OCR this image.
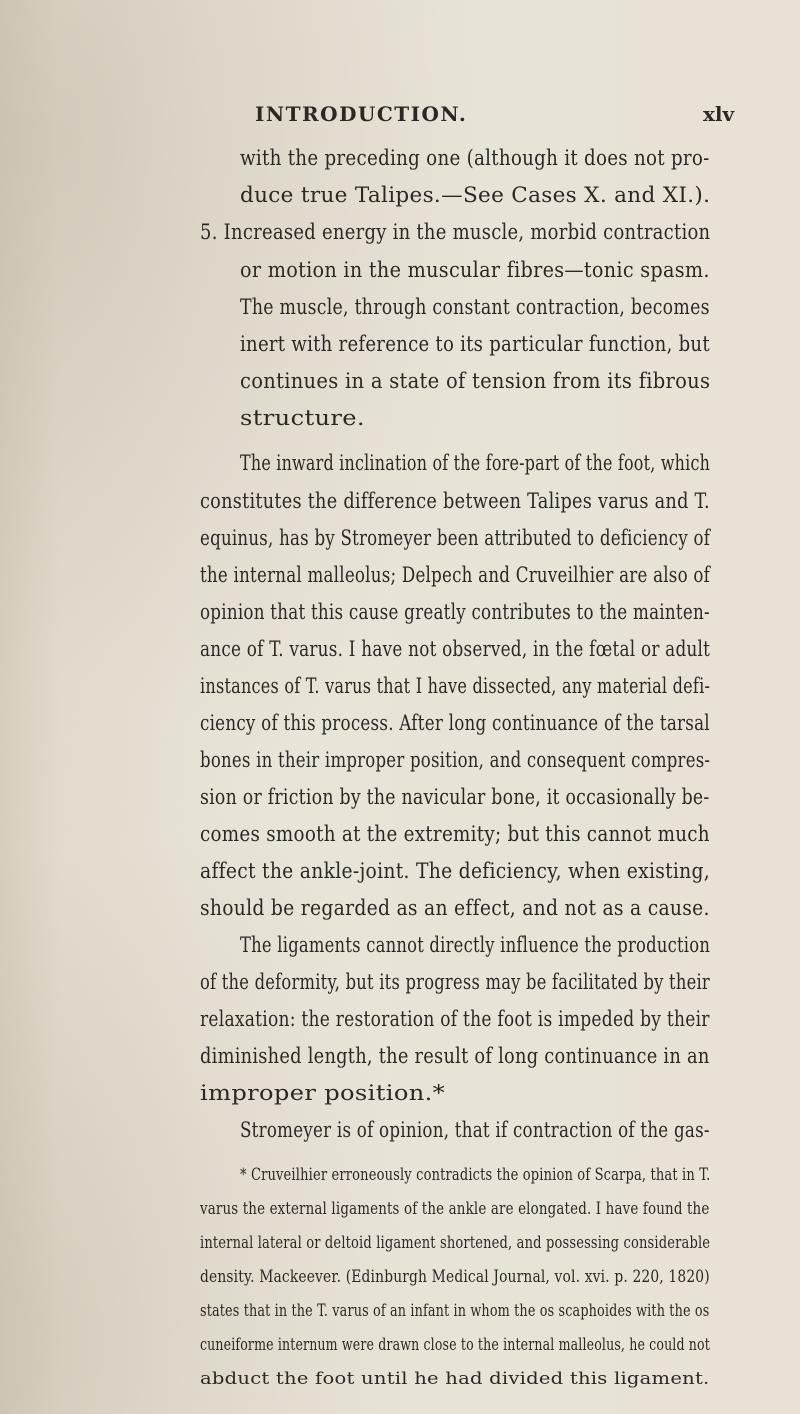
INTRODUCTION.	xlv
with the preceding one (although it does not pro-
duce true Talipes.—See Cases X. and XI.).
5. Increased energy in the muscle, morbid contraction
or motion in the muscular fibres—tonic spasm.
The muscle, through constant contraction, becomes
inert with reference to its particular function, but
continues in a state of tension from its fibrous
structure.
The inward inclination of the fore-part of the foot, which
constitutes the difference between Talipes varus and T.
equinus, has by Stromeyer been attributed to deficiency of
the internal malleolus; Delpech and Cruveilhier are also of
opinion that this cause greatly contributes to the mainten-
ance of T. varus. I have not observed, in the fœtal or adult
instances of T. varus that I have dissected, any material defi-
ciency of this process. After long continuance of the tarsal
bones in their improper position, and consequent compres-
sion or friction by the navicular bone, it occasionally be-
comes smooth at the extremity; but this cannot much
affect the ankle-joint. The deficiency, when existing,
should be regarded as an effect, and not as a cause.
The ligaments cannot directly influence the production
of the deformity, but its progress may be facilitated by their
relaxation: the restoration of the foot is impeded by their
diminished length, the result of long continuance in an
improper position.*
Stromeyer is of opinion, that if contraction of the gas-
* Cruveilhier erroneously contradicts the opinion of Scarpa, that in T.
varus the external ligaments of the ankle are elongated. I have found the
internal lateral or deltoid ligament shortened, and possessing considerable
density. Mackeever. (Edinburgh Medical Journal, vol. xvi. p. 220, 1820)
states that in the T. varus of an infant in whom the os scaphoides with the os
cuneiforme internum were drawn close to the internal malleolus, he could not
abduct the foot until he had divided this ligament.
